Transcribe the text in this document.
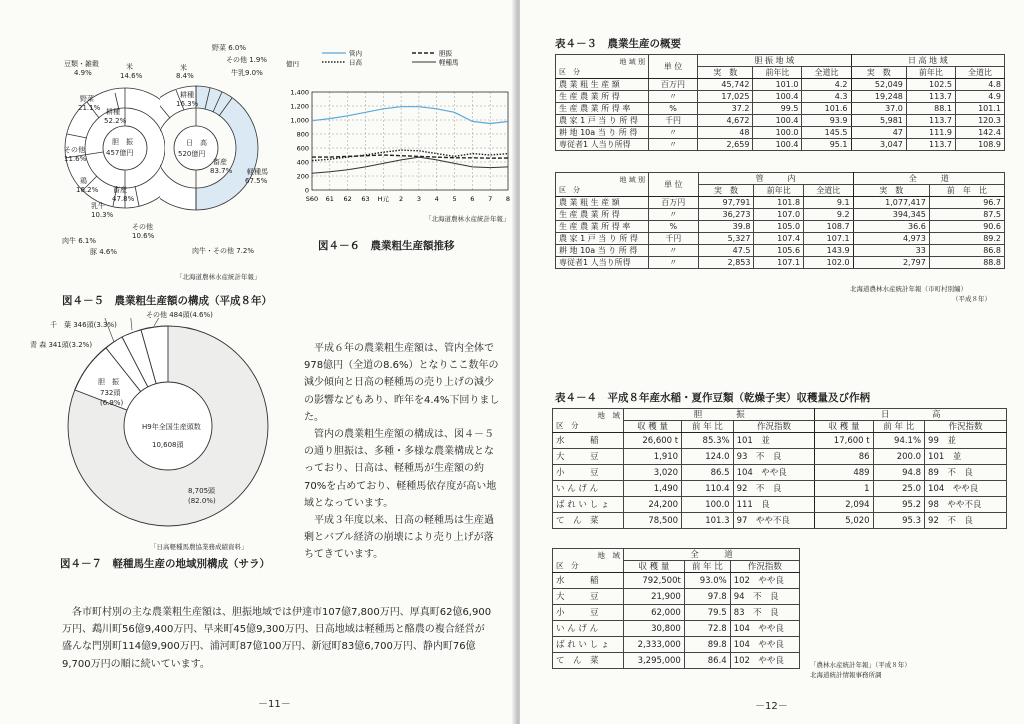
胆　振
457億円
豆類・雑穀
4.9%
米
14.6%
野菜
21.1% 耕種
52.2%
その他
11.6%
鶏
16.2%
乳牛
10.3%
畜産
47.8%
その他
10.6%
肉牛 6.1%
豚 4.6%
日　高
520億円
野菜 6.0%
その他 1.9%
米
8.4%	牛乳9.0%
耕種
16.3%
畜産
83.7% 軽種馬
67.5%
肉牛・その他 7.2%
「北海道農林水産統計年報」
図４－５　農業粗生産額の構成（平成８年）
億円
0
200
400
600
800
1,000
1,200
1,400
S60 61 62 63 H元 2 3 4 5 6 7 8
管内
日高
胆振
軽種馬
「北海道農林水産統計年報」
図４－６　農業粗生産額推移
H9年全国生産頭数
10,608頭
千　葉 346頭(3.3%)
その他 484頭(4.6%)
青 森 341頭(3.2%)
胆　振
732頭
(6.9%)
8,705頭
(82.0%)
「日高軽種馬農協業務成績資料」
図４－７　軽種馬生産の地域別構成（サラ）

平成６年の農業粗生産額は、管内全体で978億円（全道の8.6%）となりここ数年の減少傾向と日高の軽種馬の売り上げの減少の影響などもあり、昨年を4.4%下回りました。

管内の農業粗生産額の構成は、図４－５の通り胆振は、多種・多様な農業構成となっており、日高は、軽種馬が生産額の約70%を占めており、軽種馬依存度が高い地域となっています。

平成３年度以来、日高の軽種馬は生産過剰とバブル経済の崩壊により売り上げが落ちてきています。

各市町村別の主な農業粗生産額は、胆振地域では伊達市107億7,800万円、厚真町62億6,900万円、鵡川町56億9,400万円、早来町45億9,300万円、日高地域は軽種馬と酪農の複合経営が盛んな門別町114億9,900万円、浦河町87億100万円、新冠町83億6,700万円、静内町76億9,700万円の順に続いています。
－11－
表４－３　農業生産の概要
地 域 別
区　分	単 位	胆 振 地 域			日 高 地 域		
		実　数	前年比	全道比	実　数	前年比	全道比
農 業 粗 生 産 額	百万円	45,742	101.0	4.2	52,049	102.5	4.8
生 産 農 業 所 得	〃	17,025	100.4	4.3	19,248	113.7	4.9
生 産 農 業 所 得 率	%	37.2	99.5	101.6	37.0	88.1	101.1
農 家 1 戸 当 り 所 得	千円	4,672	100.4	93.9	5,981	113.7	120.3
耕 地 10a 当 り 所 得	〃	48	100.0	145.5	47	111.9	142.4
専従者1 人当り所得	〃	2,659	100.4	95.1	3,047	113.7	108.9
地 域 別
区　分	単 位	管　　　内			全　　　道	
		実　数	前年比	全道比	実　数	前　年　比
農 業 粗 生 産 額	百万円	97,791	101.8	9.1	1,077,417	96.7
生 産 農 業 所 得	〃	36,273	107.0	9.2	394,345	87.5
生 産 農 業 所 得 率	%	39.8	105.0	108.7	36.6	90.6
農 家 1 戸 当 り 所 得	千円	5,327	107.4	107.1	4,973	89.2
耕 地 10a 当 り 所 得	〃	47.5	105.6	143.9	33	86.8
専従者1 人当り所得	〃	2,853	107.1	102.0	2,797	88.8
北海道農林水産統計年報（市町村別編）
（平成８年）
表４－４　平成８年産水稲・夏作豆類（乾燥子実）収穫量及び作柄
地　域
区　分	胆　　　　振			日　　　　　高		
	収 穫 量	前 年 比	作況指数	収 穫 量	前 年 比	作況指数
水　　　稲	26,600 t	85.3%	101　並	17,600 t	94.1%	99　並
大　　　豆	1,910	124.0	93　不　良	86	200.0	101　並
小　　　豆	3,020	86.5	104　やや良	489	94.8	89　不　良
い ん げ ん	1,490	110.4	92　不　良	1	25.0	104　やや良
ば れ い し ょ	24,200	100.0	111　良	2,094	95.2	98　やや不良
て　ん　菜	78,500	101.3	97　やや不良	5,020	95.3	92　不　良
地　域
区　分	全　　　道		
	収 穫 量	前 年 比	作況指数
水　　　稲	792,500t	93.0%	102　やや良
大　　　豆	21,900	97.8	94　不　良
小　　　豆	62,000	79.5	83　不　良
い ん げ ん	30,800	72.8	104　やや良
ば れ い し ょ	2,333,000	89.8	104　やや良
て　ん　菜	3,295,000	86.4	102　やや良	「農林水産統計年報」（平成８年）
北海道統計情報事務所調
－12－
